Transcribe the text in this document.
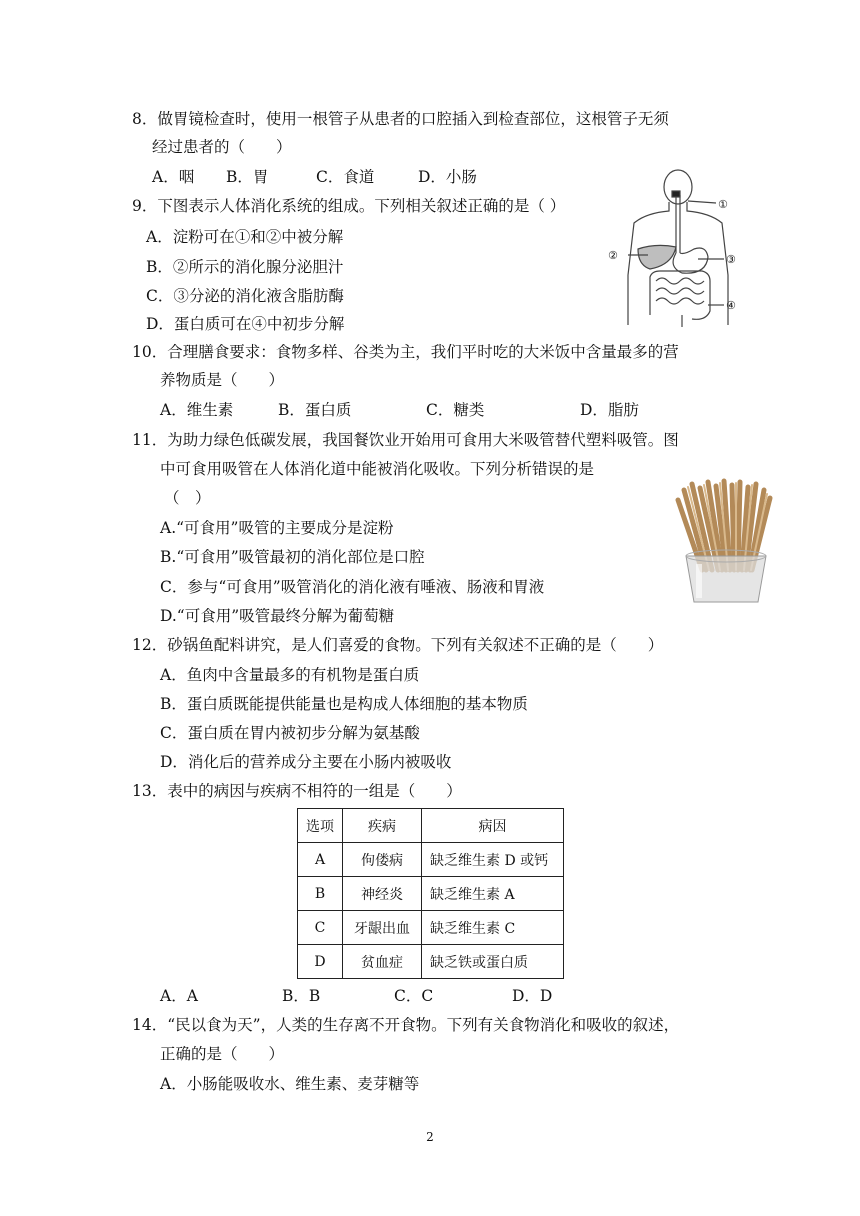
8．做胃镜检查时，使用一根管子从患者的口腔插入到检查部位，这根管子无须
经过患者的（　　）
A．咽 B．胃	C．食道	D．小肠
9．下图表示人体消化系统的组成。下列相关叙述正确的是（ ）
A．淀粉可在①和②中被分解
B．②所示的消化腺分泌胆汁
C．③分泌的消化液含脂肪酶
D．蛋白质可在④中初步分解
①
②	③
④
10．合理膳食要求：食物多样、谷类为主，我们平时吃的大米饭中含量最多的营
养物质是（　　）
A．维生素	B．蛋白质	C．糖类	D．脂肪
11．为助力绿色低碳发展，我国餐饮业开始用可食用大米吸管替代塑料吸管。图
中可食用吸管在人体消化道中能被消化吸收。下列分析错误的是
（　）
A.“可食用”吸管的主要成分是淀粉
B.“可食用”吸管最初的消化部位是口腔
C．参与“可食用”吸管消化的消化液有唾液、肠液和胃液
D.“可食用”吸管最终分解为葡萄糖
12．砂锅鱼配料讲究，是人们喜爱的食物。下列有关叙述不正确的是（　　）
A．鱼肉中含量最多的有机物是蛋白质
B．蛋白质既能提供能量也是构成人体细胞的基本物质
C．蛋白质在胃内被初步分解为氨基酸
D．消化后的营养成分主要在小肠内被吸收
13．表中的病因与疾病不相符的一组是（　　）
选项	疾病	病因
A	佝偻病	缺乏维生素 D 或钙
B	神经炎	缺乏维生素 A
C	牙龈出血	缺乏维生素 C
D	贫血症	缺乏铁或蛋白质
A．A	B．B	C．C	D．D
14．“民以食为天”，人类的生存离不开食物。下列有关食物消化和吸收的叙述，
正确的是（　　）
A．小肠能吸收水、维生素、麦芽糖等
2
